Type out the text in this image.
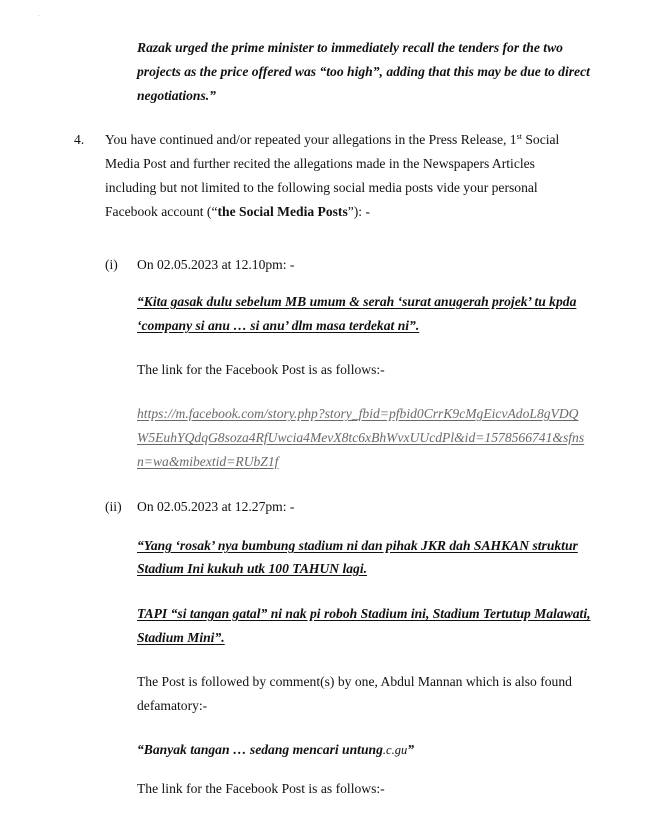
·
Razak urged the prime minister to immediately recall the tenders for the two
projects as the price offered was “too high”, adding that this may be due to direct
negotiations.”
4. You have continued and/or repeated your allegations in the Press Release, 1st Social
Media Post and further recited the allegations made in the Newspapers Articles
including but not limited to the following social media posts vide your personal
Facebook account (“the Social Media Posts”): -
(i) On 02.05.2023 at 12.10pm: -
“Kita gasak dulu sebelum MB umum & serah ‘surat anugerah projek’ tu kpda
‘company si anu … si anu’ dlm masa terdekat ni”.
The link for the Facebook Post is as follows:-
https://m.facebook.com/story.php?story_fbid=pfbid0CrrK9cMgEicvAdoL8gVDQ
W5EuhYQdqG8soza4RfUwcia4MevX8tc6xBhWvxUUcdPl&id=1578566741&sfns
n=wa&mibextid=RUbZ1f
(ii) On 02.05.2023 at 12.27pm: -
“Yang ‘rosak’ nya bumbung stadium ni dan pihak JKR dah SAHKAN struktur
Stadium Ini kukuh utk 100 TAHUN lagi.
TAPI “si tangan gatal” ni nak pi roboh Stadium ini, Stadium Tertutup Malawati,
Stadium Mini”.
The Post is followed by comment(s) by one, Abdul Mannan which is also found
defamatory:-
“Banyak tangan … sedang mencari untung.c.gu”
The link for the Facebook Post is as follows:-
